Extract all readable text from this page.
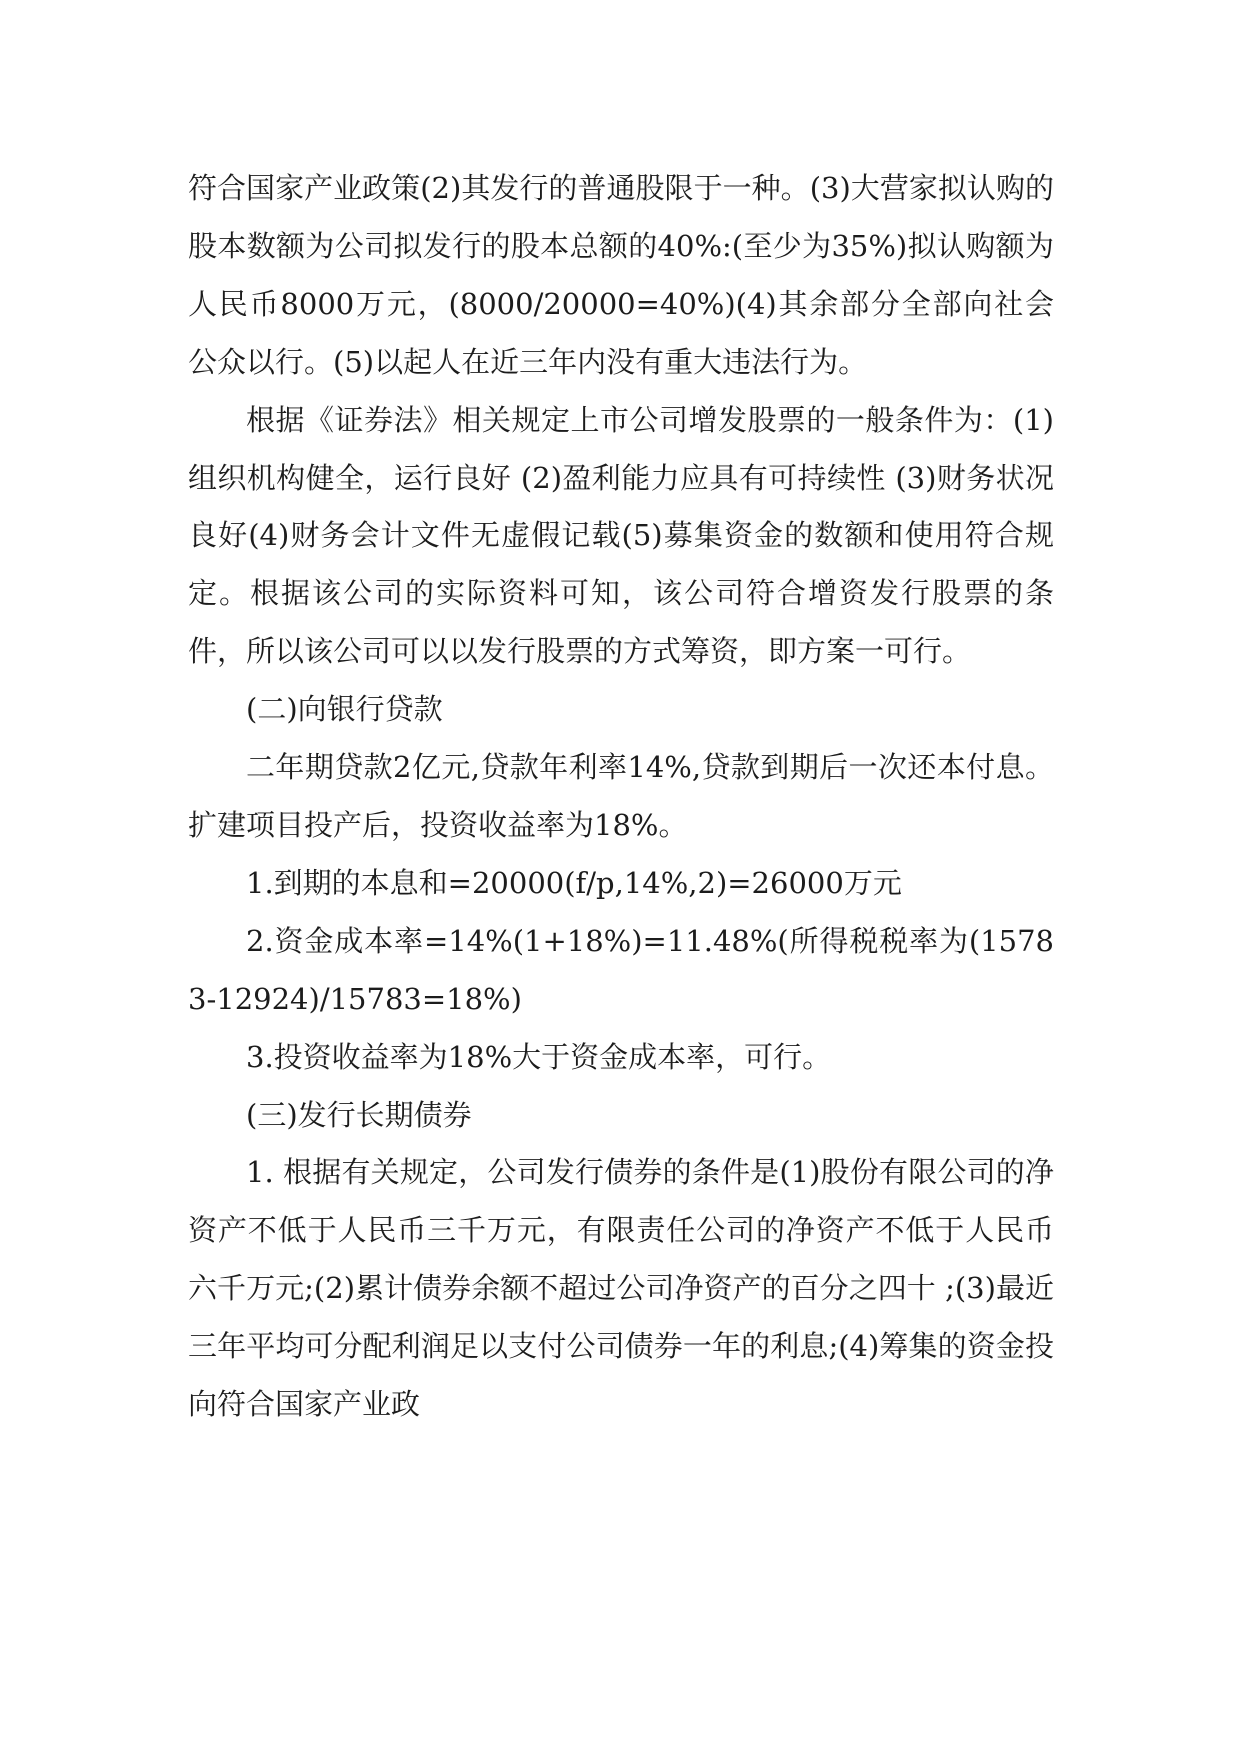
符合国家产业政策(2)其发行的普通股限于一种。(3)大营家拟认购的股本数额为公司拟发行的股本总额的40%:(至少为35%)拟认购额为人民币8000万元，(8000/20000=40%)(4)其余部分全部向社会公众以行。(5)以起人在近三年内没有重大违法行为。

根据《证券法》相关规定上市公司增发股票的一般条件为：(1)组织机构健全，运行良好 (2)盈利能力应具有可持续性 (3)财务状况良好(4)财务会计文件无虚假记载(5)募集资金的数额和使用符合规定。根据该公司的实际资料可知，该公司符合增资发行股票的条件，所以该公司可以以发行股票的方式筹资，即方案一可行。

(二)向银行贷款

二年期贷款2亿元,贷款年利率14%,贷款到期后一次还本付息。扩建项目投产后，投资收益率为18%。

1.到期的本息和=20000(f/p,14%,2)=26000万元

2.资金成本率=14%(1+18%)=11.48%(所得税税率为(15783-12924)/15783=18%)

3.投资收益率为18%大于资金成本率，可行。

(三)发行长期债券

1. 根据有关规定，公司发行债券的条件是(1)股份有限公司的净资产不低于人民币三千万元，有限责任公司的净资产不低于人民币六千万元;(2)累计债券余额不超过公司净资产的百分之四十 ;(3)最近三年平均可分配利润足以支付公司债券一年的利息;(4)筹集的资金投向符合国家产业政
